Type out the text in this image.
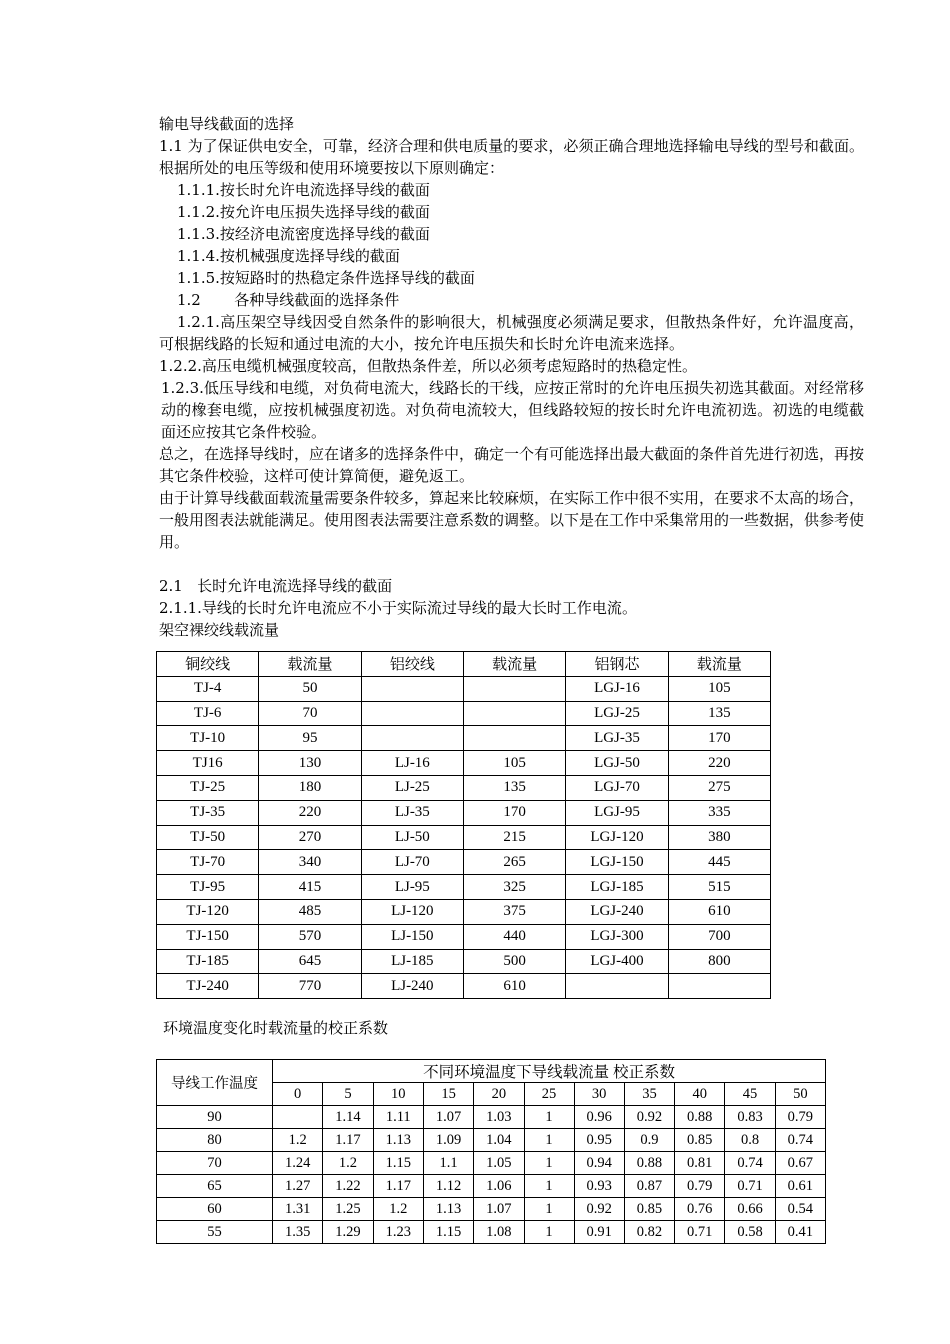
输电导线截面的选择

1.1 为了保证供电安全，可靠，经济合理和供电质量的要求，必须正确合理地选择输电导线的型号和截面。根据所处的电压等级和使用环境要按以下原则确定：

1.1.1.按长时允许电流选择导线的截面

1.1.2.按允许电压损失选择导线的截面

1.1.3.按经济电流密度选择导线的截面

1.1.4.按机械强度选择导线的截面

1.1.5.按短路时的热稳定条件选择导线的截面

1.2       各种导线截面的选择条件

1.2.1.高压架空导线因受自然条件的影响很大，机械强度必须满足要求，但散热条件好，允许温度高，可根据线路的长短和通过电流的大小，按允许电压损失和长时允许电流来选择。

1.2.2.高压电缆机械强度较高，但散热条件差，所以必须考虑短路时的热稳定性。

1.2.3.低压导线和电缆，对负荷电流大，线路长的干线，应按正常时的允许电压损失初选其截面。对经常移动的橡套电缆，应按机械强度初选。对负荷电流较大，但线路较短的按长时允许电流初选。初选的电缆截面还应按其它条件校验。

总之，在选择导线时，应在诸多的选择条件中，确定一个有可能选择出最大截面的条件首先进行初选，再按其它条件校验，这样可使计算简便，避免返工。

由于计算导线截面载流量需要条件较多，算起来比较麻烦，在实际工作中很不实用，在要求不太高的场合，一般用图表法就能满足。使用图表法需要注意系数的调整。以下是在工作中采集常用的一些数据，供参考使用。

2.1   长时允许电流选择导线的截面

2.1.1.导线的长时允许电流应不小于实际流过导线的最大长时工作电流。

架空裸绞线载流量

铜绞线	载流量	铝绞线	载流量	铝钢芯	载流量
TJ-4	50			LGJ-16	105
TJ-6	70			LGJ-25	135
TJ-10	95			LGJ-35	170
TJ16	130	LJ-16	105	LGJ-50	220
TJ-25	180	LJ-25	135	LGJ-70	275
TJ-35	220	LJ-35	170	LGJ-95	335
TJ-50	270	LJ-50	215	LGJ-120	380
TJ-70	340	LJ-70	265	LGJ-150	445
TJ-95	415	LJ-95	325	LGJ-185	515
TJ-120	485	LJ-120	375	LGJ-240	610
TJ-150	570	LJ-150	440	LGJ-300	700
TJ-185	645	LJ-185	500	LGJ-400	800
TJ-240	770	LJ-240	610		
环境温度变化时载流量的校正系数
导线工作温度	不同环境温度下导线载流量 校正系数										
	0	5	10	15	20	25	30	35	40	45	50
90		1.14	1.11	1.07	1.03	1	0.96	0.92	0.88	0.83	0.79
80	1.2	1.17	1.13	1.09	1.04	1	0.95	0.9	0.85	0.8	0.74
70	1.24	1.2	1.15	1.1	1.05	1	0.94	0.88	0.81	0.74	0.67
65	1.27	1.22	1.17	1.12	1.06	1	0.93	0.87	0.79	0.71	0.61
60	1.31	1.25	1.2	1.13	1.07	1	0.92	0.85	0.76	0.66	0.54
55	1.35	1.29	1.23	1.15	1.08	1	0.91	0.82	0.71	0.58	0.41
